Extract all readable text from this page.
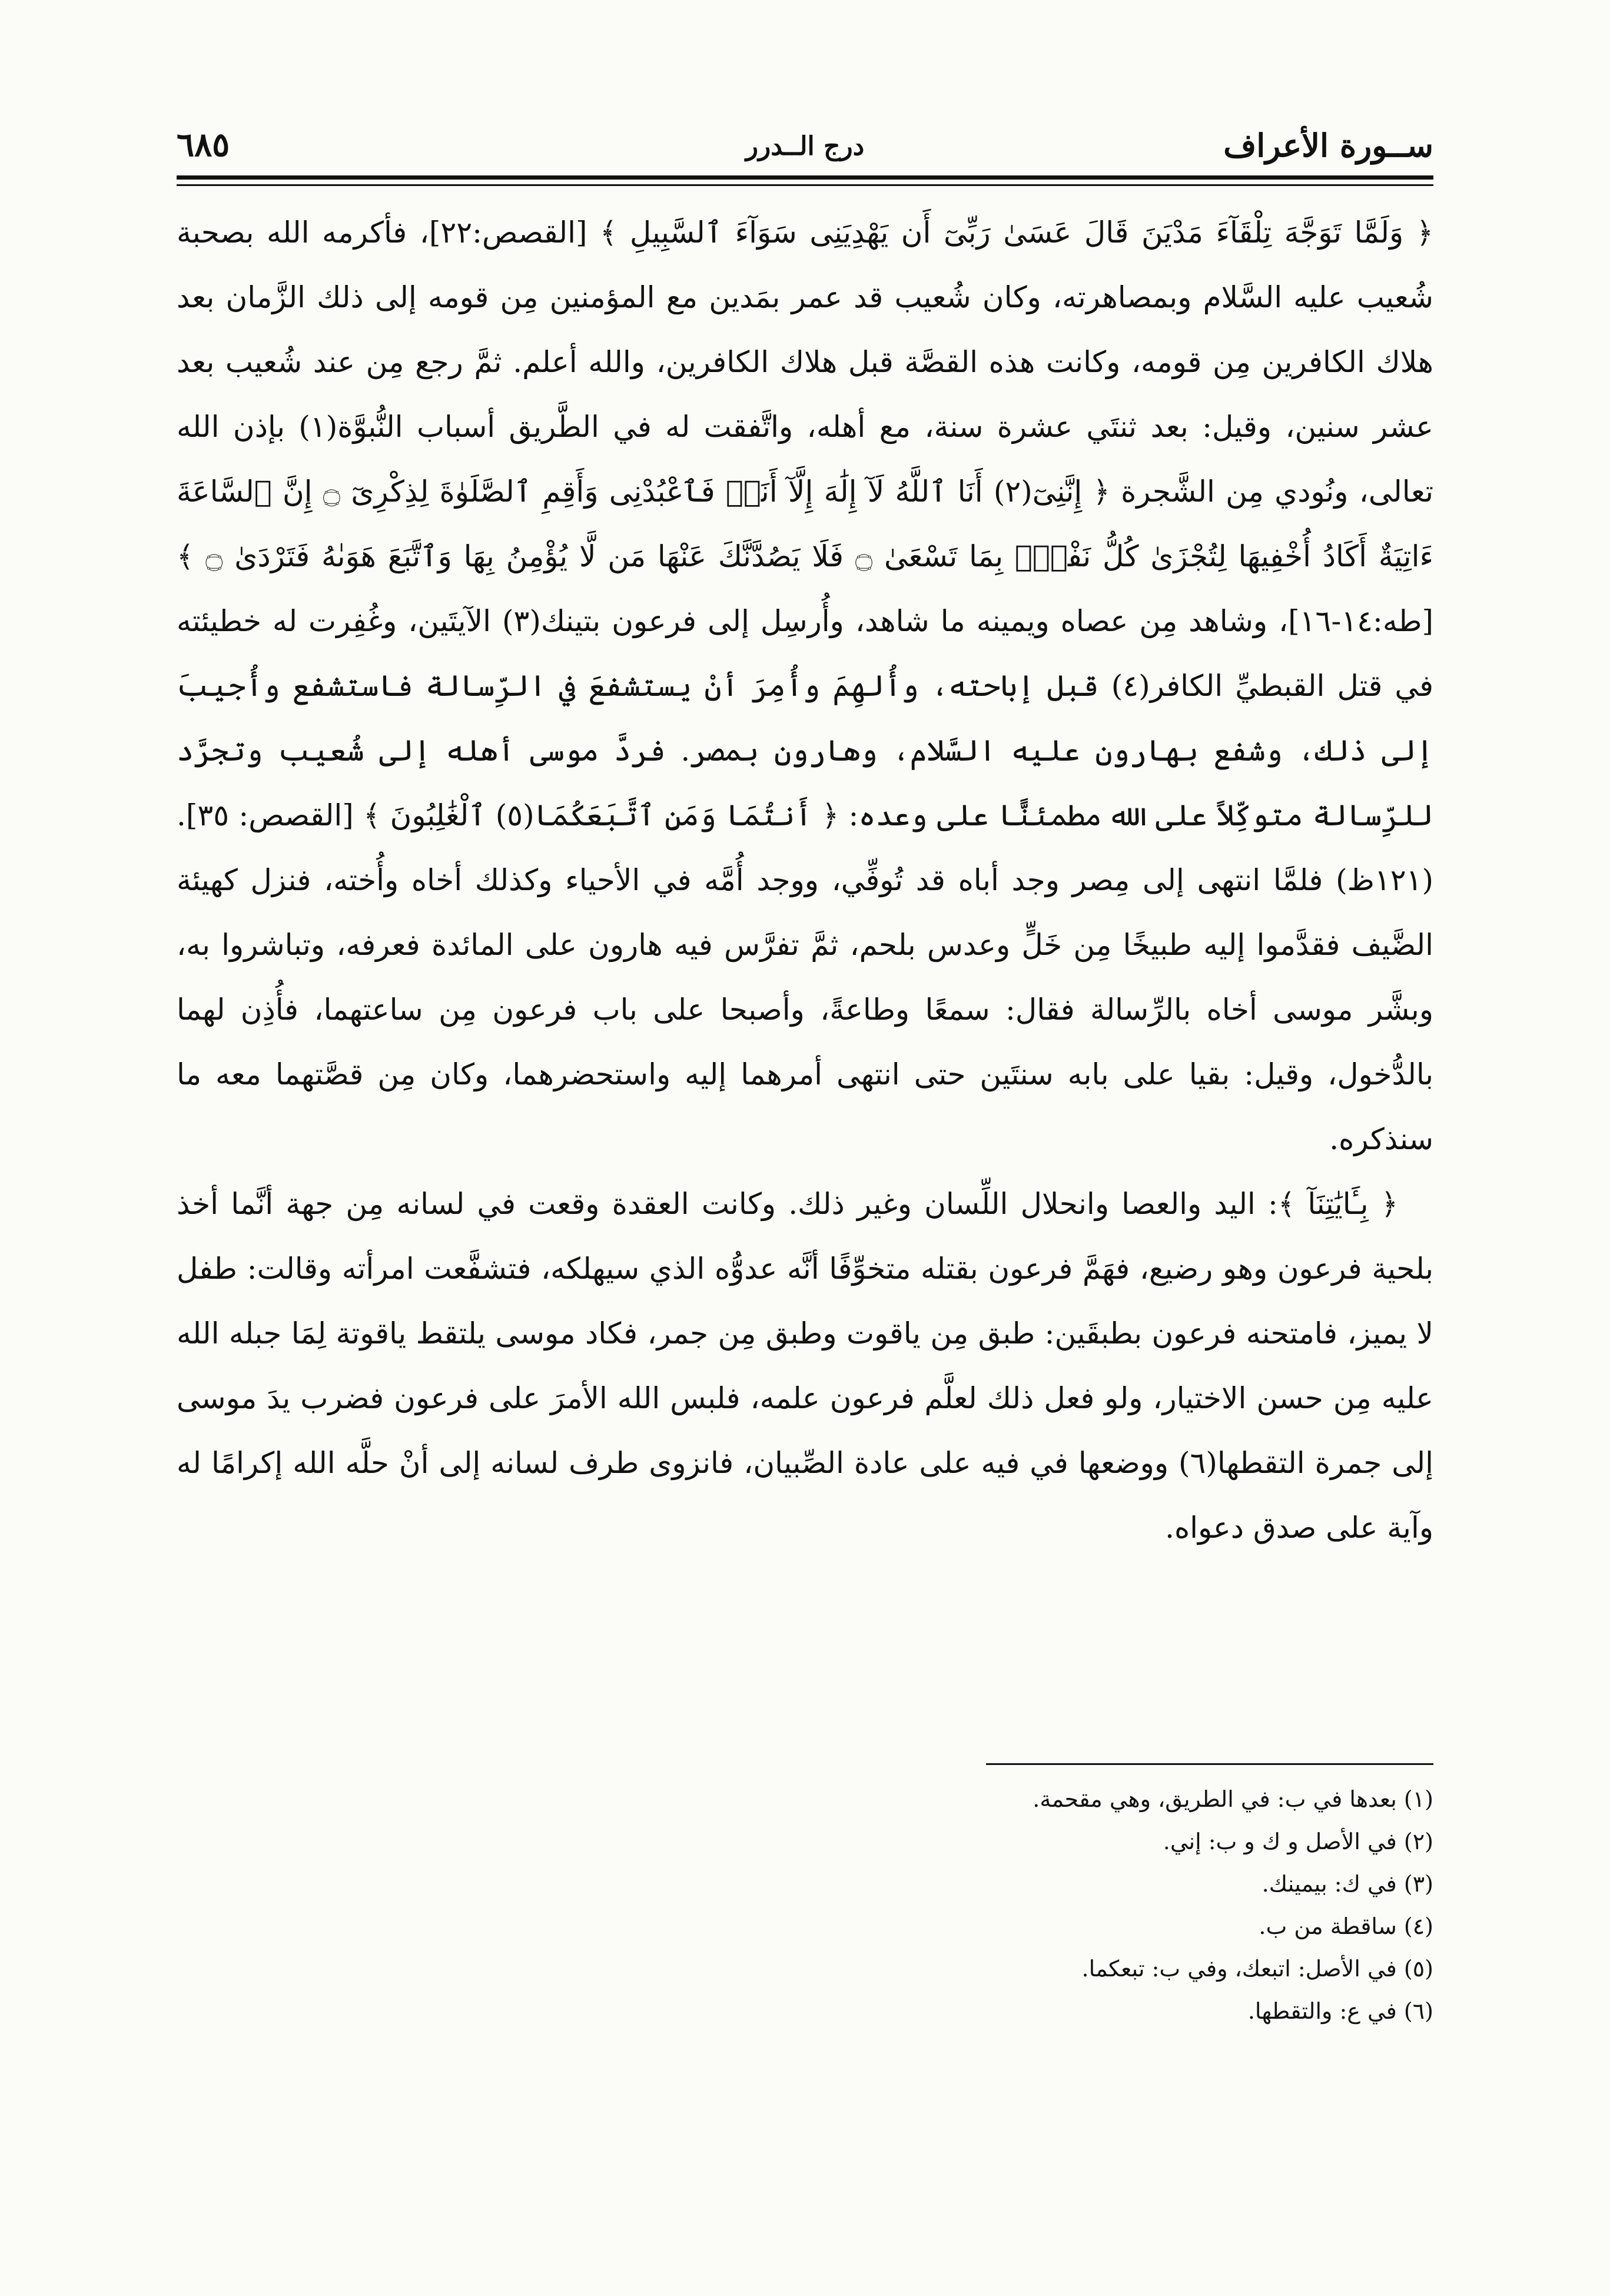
ســورة الأعراف
درج الــدرر
٦٨٥

﴿ وَلَمَّا تَوَجَّهَ تِلْقَآءَ مَدْيَنَ قَالَ عَسَىٰ رَبِّىٓ أَن يَهْدِيَنِى سَوَآءَ ٱلسَّبِيلِ ﴾ [القصص:٢٢]، فأكرمه الله بصحبة شُعيب عليه السَّلام وبمصاهرته، وكان شُعيب قد عمر بمَدين مع المؤمنين مِن قومه إلى ذلك الزَّمان بعد هلاك الكافرين مِن قومه، وكانت هذه القصَّة قبل هلاك الكافرين، والله أعلم. ثمَّ رجع مِن عند شُعيب بعد عشر سنين، وقيل: بعد ثنتَي عشرة سنة، مع أهله، واتَّفقت له في الطَّريق أسباب النُّبوَّة(١) بإذن الله تعالى، ونُودي مِن الشَّجرة ﴿ إِنَّنِىٓ(٢) أَنَا ٱللَّهُ لَآ إِلَٰهَ إِلَّآ أَنَا۠ فَٱعْبُدْنِى وَأَقِمِ ٱلصَّلَوٰةَ لِذِكْرِىٓ ۝ إِنَّ ٱلسَّاعَةَ ءَاتِيَةٌ أَكَادُ أُخْفِيهَا لِتُجْزَىٰ كُلُّ نَفْسٍۭ بِمَا تَسْعَىٰ ۝ فَلَا يَصُدَّنَّكَ عَنْهَا مَن لَّا يُؤْمِنُ بِهَا وَٱتَّبَعَ هَوَىٰهُ فَتَرْدَىٰ ۝ ﴾ [طه:١٤-١٦]، وشاهد مِن عصاه ويمينه ما شاهد، وأُرسِل إلى فرعون بتينك(٣) الآيتَين، وغُفِرت له خطيئته في قتل القبطيِّ الكافر(٤) قبل إباحته، وأُلهِمَ وأُمِرَ أنْ يستشفعَ في الرِّسالة فاستشفع وأُجيبَ إلى ذلك، وشفع بهارون عليه السَّلام، وهارون بمصر. فردَّ موسى أهله إلى شُعيب وتجرَّد للرِّسالة متوكِّلاً على الله مطمئنًّا على وعده: ﴿ أَنتُمَا وَمَنِ ٱتَّبَعَكُمَا(٥) ٱلْغَٰلِبُونَ ﴾ [القصص: ٣٥]. (١٢١ظ) فلمَّا انتهى إلى مِصر وجد أباه قد تُوفِّي، ووجد أُمَّه في الأحياء وكذلك أخاه وأُخته، فنزل كهيئة الضَّيف فقدَّموا إليه طبيخًا مِن خَلٍّ وعدس بلحم، ثمَّ تفرَّس فيه هارون على المائدة فعرفه، وتباشروا به، وبشَّر موسى أخاه بالرِّسالة فقال: سمعًا وطاعةً، وأصبحا على باب فرعون مِن ساعتهما، فأُذِن لهما بالدُّخول، وقيل: بقيا على بابه سنتَين حتى انتهى أمرهما إليه واستحضرهما، وكان مِن قصَّتهما معه ما سنذكره.

﴿ بِـَٔايَٰتِنَآ ﴾: اليد والعصا وانحلال اللِّسان وغير ذلك. وكانت العقدة وقعت في لسانه مِن جهة أنَّما أخذ بلحية فرعون وهو رضيع، فهَمَّ فرعون بقتله متخوِّفًا أنَّه عدوُّه الذي سيهلكه، فتشفَّعت امرأته وقالت: طفل لا يميز، فامتحنه فرعون بطبقَين: طبق مِن ياقوت وطبق مِن جمر، فكاد موسى يلتقط ياقوتة لِمَا جبله الله عليه مِن حسن الاختيار، ولو فعل ذلك لعلَّم فرعون علمه، فلبس الله الأمرَ على فرعون فضرب يدَ موسى إلى جمرة التقطها(٦) ووضعها في فيه على عادة الصِّبيان، فانزوى طرف لسانه إلى أنْ حلَّه الله إكرامًا له وآية على صدق دعواه.

(١) بعدها في ب: في الطريق، وهي مقحمة.
(٢) في الأصل و ك و ب: إني.
(٣) في ك: بيمينك.
(٤) ساقطة من ب.
(٥) في الأصل: اتبعك، وفي ب: تبعكما.
(٦) في ع: والتقطها.
